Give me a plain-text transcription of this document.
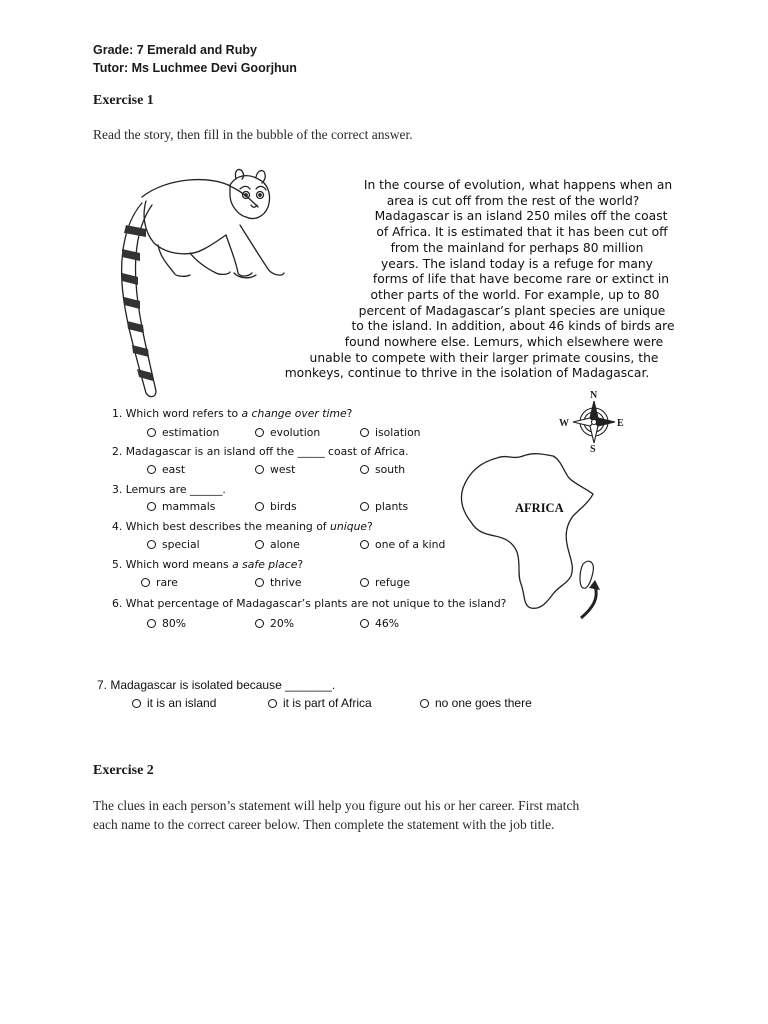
Grade: 7 Emerald and Ruby
Tutor: Ms Luchmee Devi Goorjhun
Exercise 1
Read the story, then fill in the bubble of the correct answer.
In the course of evolution, what happens when an
area is cut off from the rest of the world?
Madagascar is an island 250 miles off the coast
of Africa. It is estimated that it has been cut off
from the mainland for perhaps 80 million
years. The island today is a refuge for many
forms of life that have become rare or extinct in
other parts of the world. For example, up to 80
percent of Madagascar’s plant species are unique
to the island. In addition, about 46 kinds of birds are
found nowhere else. Lemurs, which elsewhere were
unable to compete with their larger primate cousins, the
monkeys, continue to thrive in the isolation of Madagascar.
N
S
W	E
AFRICA
1. Which word refers to a change over time?
estimation	evolution	isolation
2. Madagascar is an island off the _____ coast of Africa.
east	west	south
3. Lemurs are ______.
mammals	birds	plants
4. Which best describes the meaning of unique?
special	alone	one of a kind
5. Which word means a safe place?
rare	thrive	refuge
6. What percentage of Madagascar’s plants are not unique to the island?
80%	20%	46%
7. Madagascar is isolated because _______.
it is an island	it is part of Africa	no one goes there
Exercise 2
The clues in each person’s statement will help you figure out his or her career. First match
each name to the correct career below. Then complete the statement with the job title.
